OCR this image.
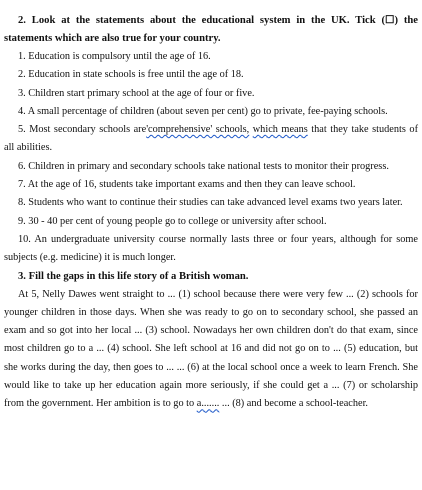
2. Look at the statements about the educational system in the UK. Tick (☐) the statements which are also true for your country.

1. Education is compulsory until the age of 16.

2. Education in state schools is free until the age of 18.

3. Children start primary school at the age of four or five.

4. A small percentage of children (about seven per cent) go to private, fee-paying schools.

5. Most secondary schools are'comprehensive' schools, which means that they take students of all abilities.

6. Children in primary and secondary schools take national tests to monitor their progress.

7. At the age of 16, students take important exams and then they can leave school.

8. Students who want to continue their studies can take advanced level exams two years later.

9. 30 - 40 per cent of young people go to college or university after school.

10. An undergraduate university course normally lasts three or four years, although for some subjects (e.g. medicine) it is much longer.

3. Fill the gaps in this life story of a British woman.

At 5, Nelly Dawes went straight to ... (1) school because there were very few ... (2) schools for younger children in those days. When she was ready to go on to secondary school, she passed an exam and so got into her local ... (3) school. Nowadays her own children don't do that exam, since most children go to a ... (4) school. She left school at 16 and did not go on to ... (5) education, but she works during the day, then goes to ... ... (6) at the local school once a week to learn French. She would like to take up her education again more seriously, if she could get a ... (7) or scholarship from the government. Her ambition is to go to a....... ... (8) and become a school-teacher.
